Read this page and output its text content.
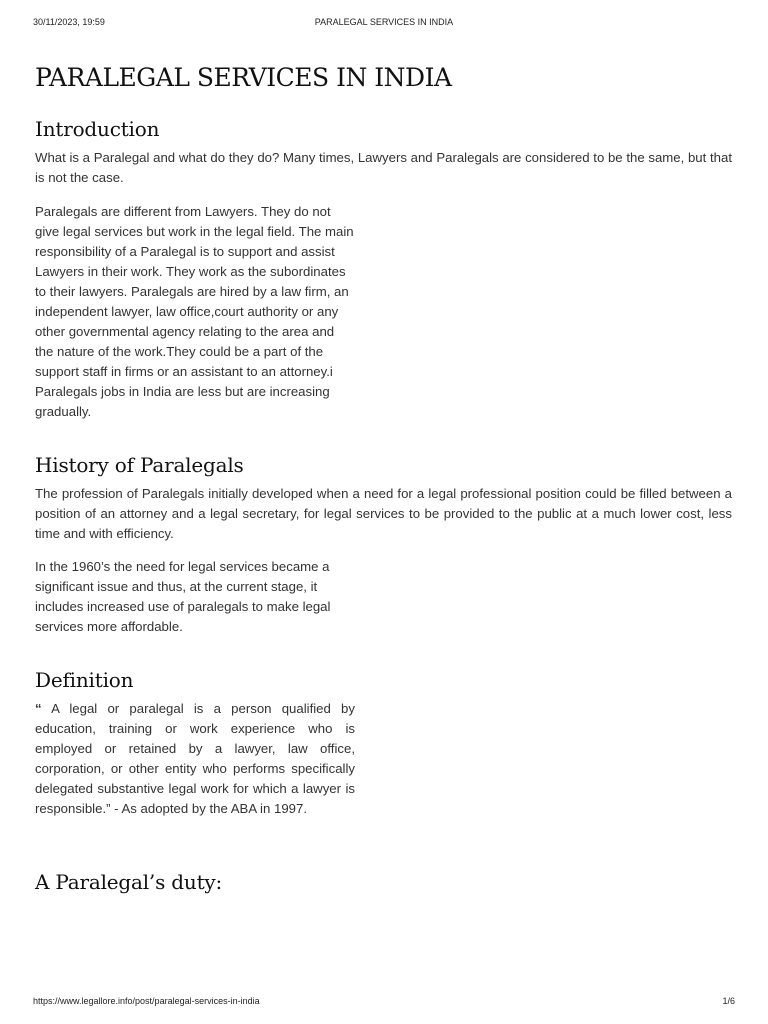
30/11/2023, 19:59	PARALEGAL SERVICES IN INDIA
PARALEGAL SERVICES IN INDIA
Introduction

What is a Paralegal and what do they do? Many times, Lawyers and Paralegals are considered to be the same, but that is not the case.

Paralegals are different from Lawyers. They do not give legal services but work in the legal field. The main responsibility of a Paralegal is to support and assist Lawyers in their work. They work as the subordinates to their lawyers. Paralegals are hired by a law firm, an independent lawyer, law office,court authority or any other governmental agency relating to the area and the nature of the work.They could be a part of the support staff in firms or an assistant to an attorney.i Paralegals jobs in India are less but are increasing gradually.

History of Paralegals

The profession of Paralegals initially developed when a need for a legal professional position could be filled between a position of an attorney and a legal secretary, for legal services to be provided to the public at a much lower cost, less time and with efficiency.

In the 1960’s the need for legal services became a significant issue and thus, at the current stage, it includes increased use of paralegals to make legal services more affordable.

Definition

“ A legal or paralegal is a person qualified by education, training or work experience who is employed or retained by a lawyer, law office, corporation, or other entity who performs specifically delegated substantive legal work for which a lawyer is responsible.” - As adopted by the ABA in 1997.

A Paralegal’s duty:
https://www.legallore.info/post/paralegal-services-in-india	1/6
